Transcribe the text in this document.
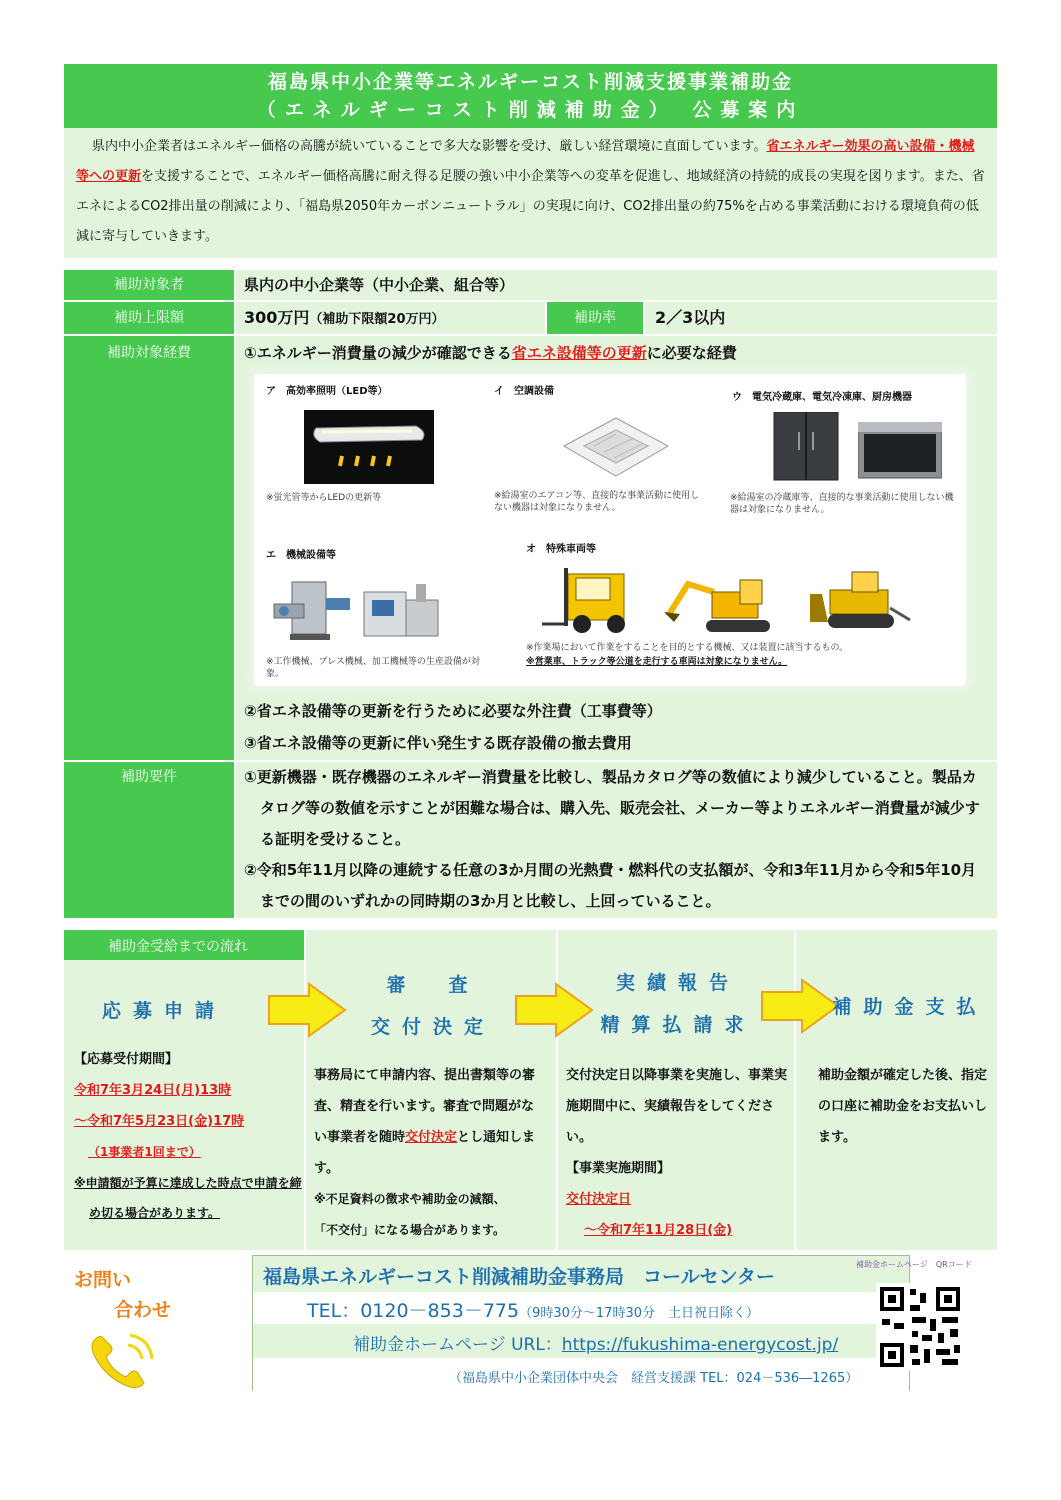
福島県中小企業等エネルギーコスト削減支援事業補助金
（エネルギーコスト削減補助金） 公募案内
県内中小企業者はエネルギー価格の高騰が続いていることで多大な影響を受け、厳しい経営環境に直面しています。省エネルギー効果の高い設備・機械等への更新を支援することで、エネルギー価格高騰に耐え得る足腰の強い中小企業等への変革を促進し、地域経済の持続的成長の実現を図ります。また、省エネによるCO2排出量の削減により、「福島県2050年カーボンニュートラル」の実現に向け、CO2排出量の約75%を占める事業活動における環境負荷の低減に寄与していきます。
補助対象者	県内の中小企業等（中小企業、組合等）
補助上限額	300万円（補助下限額20万円）	補助率	2／3以内
補助対象経費	①エネルギー消費量の減少が確認できる省エネ設備等の更新に必要な経費
②省エネ設備等の更新を行うために必要な外注費（工事費等）
③省エネ設備等の更新に伴い発生する既存設備の撤去費用
ア　高効率照明（LED等）
※蛍光管等からLEDの更新等
イ　空調設備
※給湯室のエアコン等、直接的な事業活動に使用しない機器は対象になりません。
ウ　電気冷蔵庫、電気冷凍庫、厨房機器
※給湯室の冷蔵庫等、直接的な事業活動に使用しない機器は対象になりません。
エ　機械設備等
※工作機械、プレス機械、加工機械等の生産設備が対象。
オ　特殊車両等
※作業場において作業をすることを目的とする機械、又は装置に該当するもの。
※営業車、トラック等公道を走行する車両は対象になりません。
補助要件	①更新機器・既存機器のエネルギー消費量を比較し、製品カタログ等の数値により減少していること。製品カタログ等の数値を示すことが困難な場合は、購入先、販売会社、メーカー等よりエネルギー消費量が減少する証明を受けること。
②令和5年11月以降の連続する任意の3か月間の光熱費・燃料代の支払額が、令和3年11月から令和5年10月までの間のいずれかの同時期の3か月と比較し、上回っていること。
応募申請
【応募受付期間】
令和7年3月24日(月)13時
～令和7年5月23日(金)17時
（1事業者1回まで）
※申請額が予算に達成した時点で申請を締め切る場合があります。
審　査
交付決定
事務局にて申請内容、提出書類等の審査、精査を行います。審査で問題がない事業者を随時交付決定とし通知します。
※不足資料の徴求や補助金の減額、
「不交付」になる場合があります。
実績報告
精算払請求
交付決定日以降事業を実施し、事業実施期間中に、実績報告をしてください。
【事業実施期間】
交付決定日
～令和7年11月28日(金)
補助金支払
補助金額が確定した後、指定の口座に補助金をお支払いします。
補助金受給までの流れ
お問い
合わせ
福島県エネルギーコスト削減補助金事務局　コールセンター
TEL：0120－853－775（9時30分～17時30分　土日祝日除く）
補助金ホームページ URL：https://fukushima-energycost.jp/
（福島県中小企業団体中央会　経営支援課 TEL：024－536―1265）
補助金ホームページ　QRコード
